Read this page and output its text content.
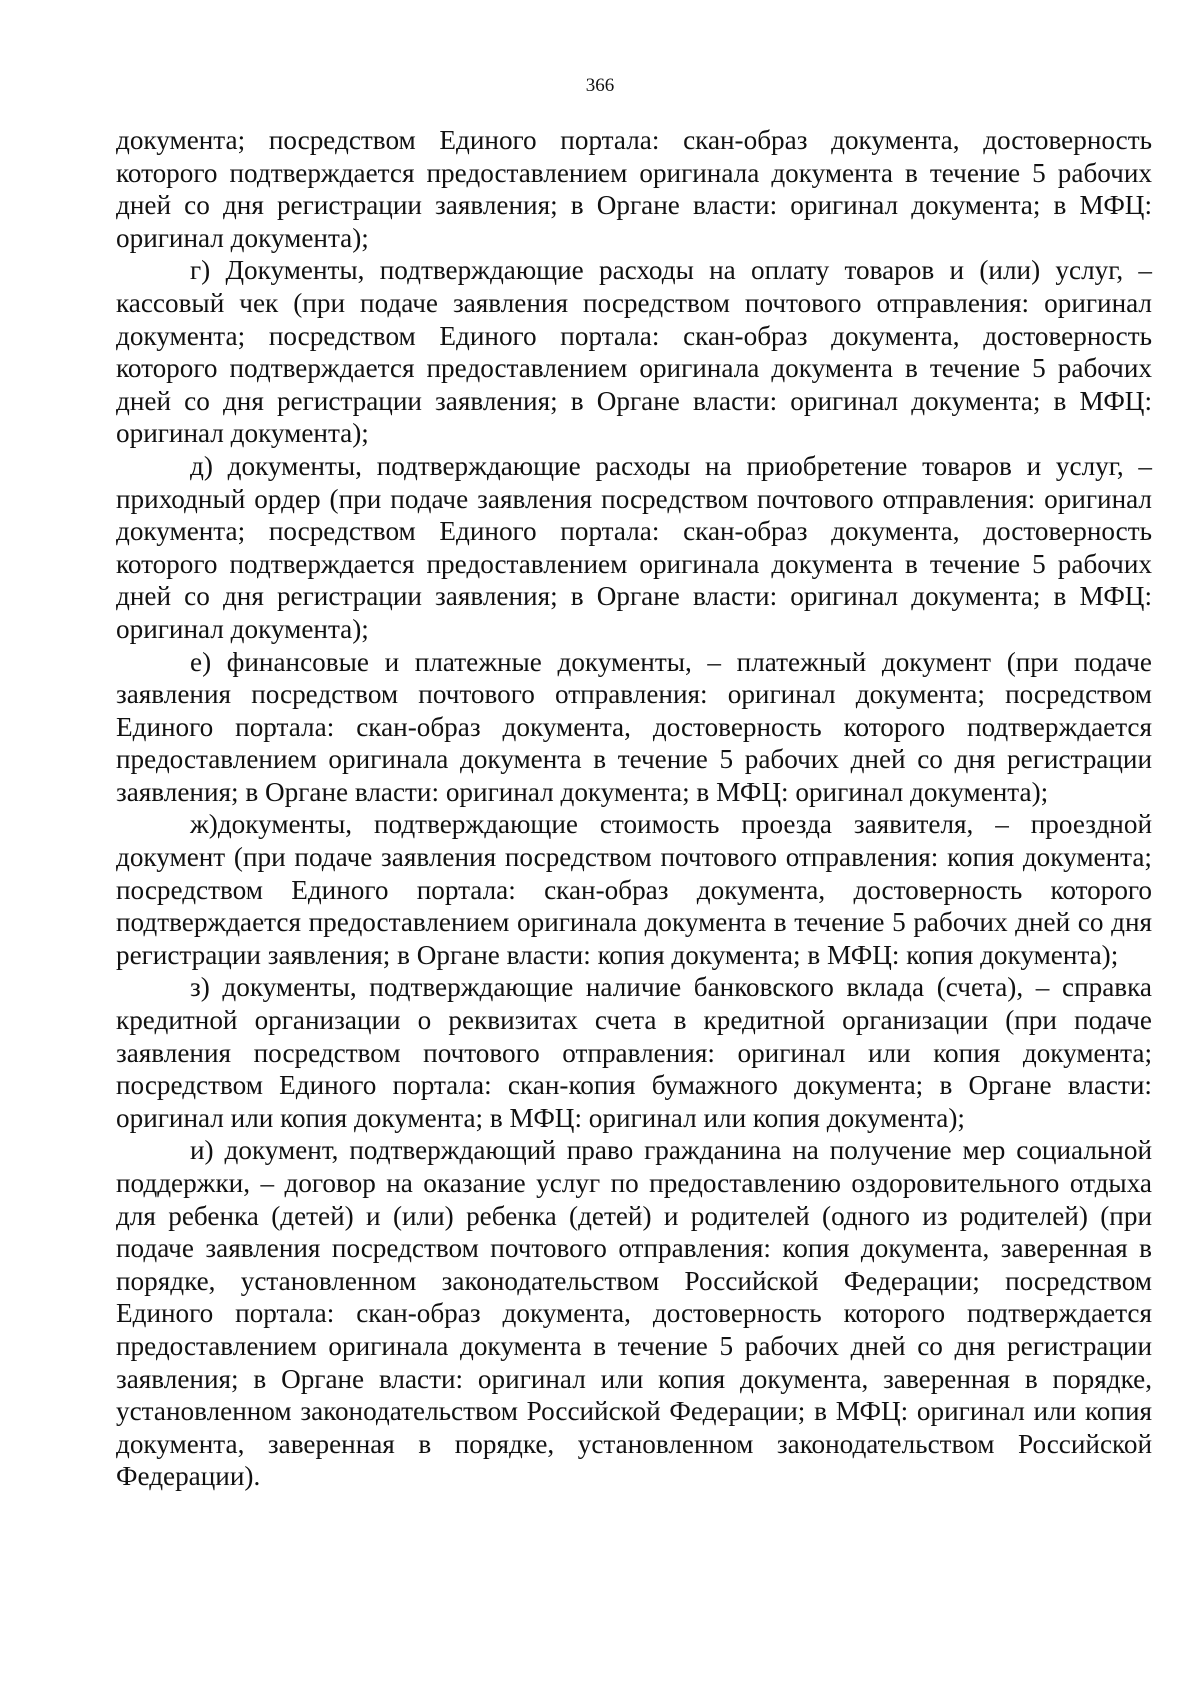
366

документа; посредством Единого портала: скан-образ документа, достоверность которого подтверждается предоставлением оригинала документа в течение 5 рабочих дней со дня регистрации заявления; в Органе власти: оригинал документа; в МФЦ: оригинал документа);

г) Документы, подтверждающие расходы на оплату товаров и (или) услуг, – кассовый чек (при подаче заявления посредством почтового отправления: оригинал документа; посредством Единого портала: скан-образ документа, достоверность которого подтверждается предоставлением оригинала документа в течение 5 рабочих дней со дня регистрации заявления; в Органе власти: оригинал документа; в МФЦ: оригинал документа);

д) документы, подтверждающие расходы на приобретение товаров и услуг, – приходный ордер (при подаче заявления посредством почтового отправления: оригинал документа; посредством Единого портала: скан-образ документа, достоверность которого подтверждается предоставлением оригинала документа в течение 5 рабочих дней со дня регистрации заявления; в Органе власти: оригинал документа; в МФЦ: оригинал документа);

е) финансовые и платежные документы, – платежный документ (при подаче заявления посредством почтового отправления: оригинал документа; посредством Единого портала: скан-образ документа, достоверность которого подтверждается предоставлением оригинала документа в течение 5 рабочих дней со дня регистрации заявления; в Органе власти: оригинал документа; в МФЦ: оригинал документа);

ж)документы, подтверждающие стоимость проезда заявителя, – проездной документ (при подаче заявления посредством почтового отправления: копия документа; посредством Единого портала: скан-образ документа, достоверность которого подтверждается предоставлением оригинала документа в течение 5 рабочих дней со дня регистрации заявления; в Органе власти: копия документа; в МФЦ: копия документа);

з) документы, подтверждающие наличие банковского вклада (счета), – справка кредитной организации о реквизитах счета в кредитной организации (при подаче заявления посредством почтового отправления: оригинал или копия документа; посредством Единого портала: скан-копия бумажного документа; в Органе власти: оригинал или копия документа; в МФЦ: оригинал или копия документа);

и) документ, подтверждающий право гражданина на получение мер социальной поддержки, – договор на оказание услуг по предоставлению оздоровительного отдыха для ребенка (детей) и (или) ребенка (детей) и родителей (одного из родителей) (при подаче заявления посредством почтового отправления: копия документа, заверенная в порядке, установленном законодательством Российской Федерации; посредством Единого портала: скан-образ документа, достоверность которого подтверждается предоставлением оригинала документа в течение 5 рабочих дней со дня регистрации заявления; в Органе власти: оригинал или копия документа, заверенная в порядке, установленном законодательством Российской Федерации; в МФЦ: оригинал или копия документа, заверенная в порядке, установленном законодательством Российской Федерации).
